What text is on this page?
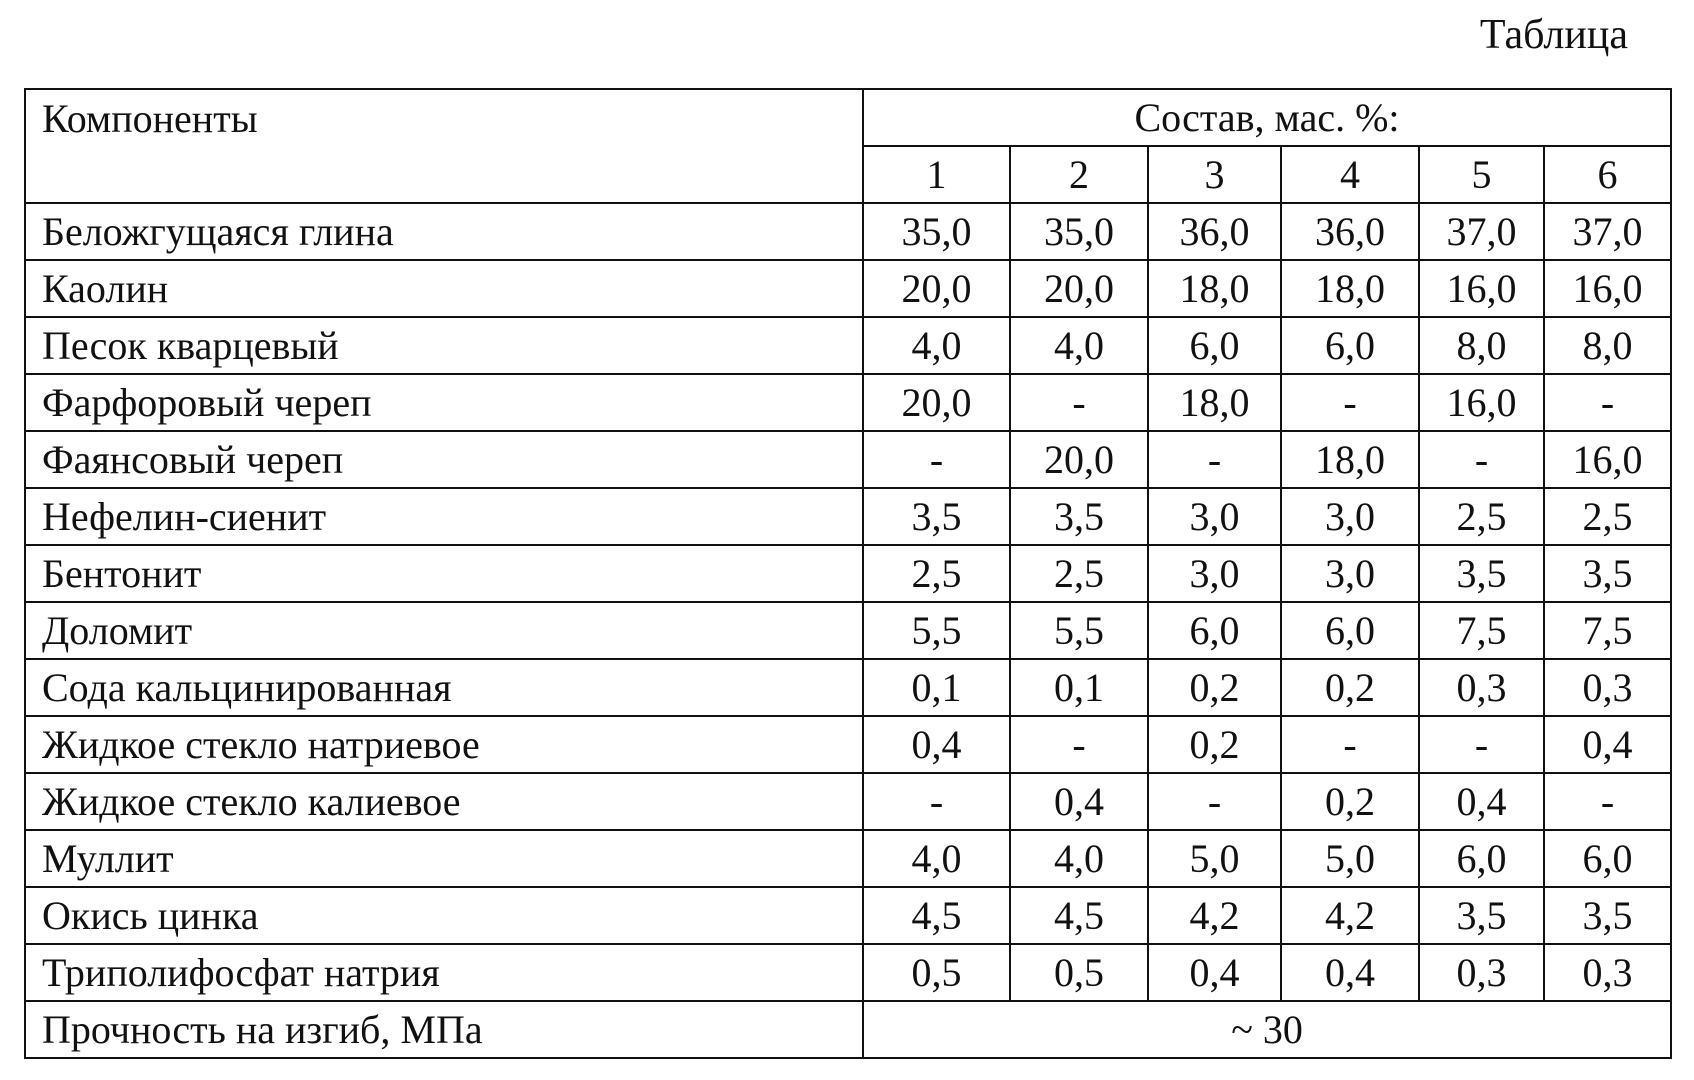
Таблица
Компоненты	Состав, мас. %:					
	1	2	3	4	5	6
Беложгущаяся глина	35,0	35,0	36,0	36,0	37,0	37,0
Каолин	20,0	20,0	18,0	18,0	16,0	16,0
Песок кварцевый	4,0	4,0	6,0	6,0	8,0	8,0
Фарфоровый череп	20,0	-	18,0	-	16,0	-
Фаянсовый череп	-	20,0	-	18,0	-	16,0
Нефелин-сиенит	3,5	3,5	3,0	3,0	2,5	2,5
Бентонит	2,5	2,5	3,0	3,0	3,5	3,5
Доломит	5,5	5,5	6,0	6,0	7,5	7,5
Сода кальцинированная	0,1	0,1	0,2	0,2	0,3	0,3
Жидкое стекло натриевое	0,4	-	0,2	-	-	0,4
Жидкое стекло калиевое	-	0,4	-	0,2	0,4	-
Муллит	4,0	4,0	5,0	5,0	6,0	6,0
Окись цинка	4,5	4,5	4,2	4,2	3,5	3,5
Триполифосфат натрия	0,5	0,5	0,4	0,4	0,3	0,3
Прочность на изгиб, МПа	~ 30					
